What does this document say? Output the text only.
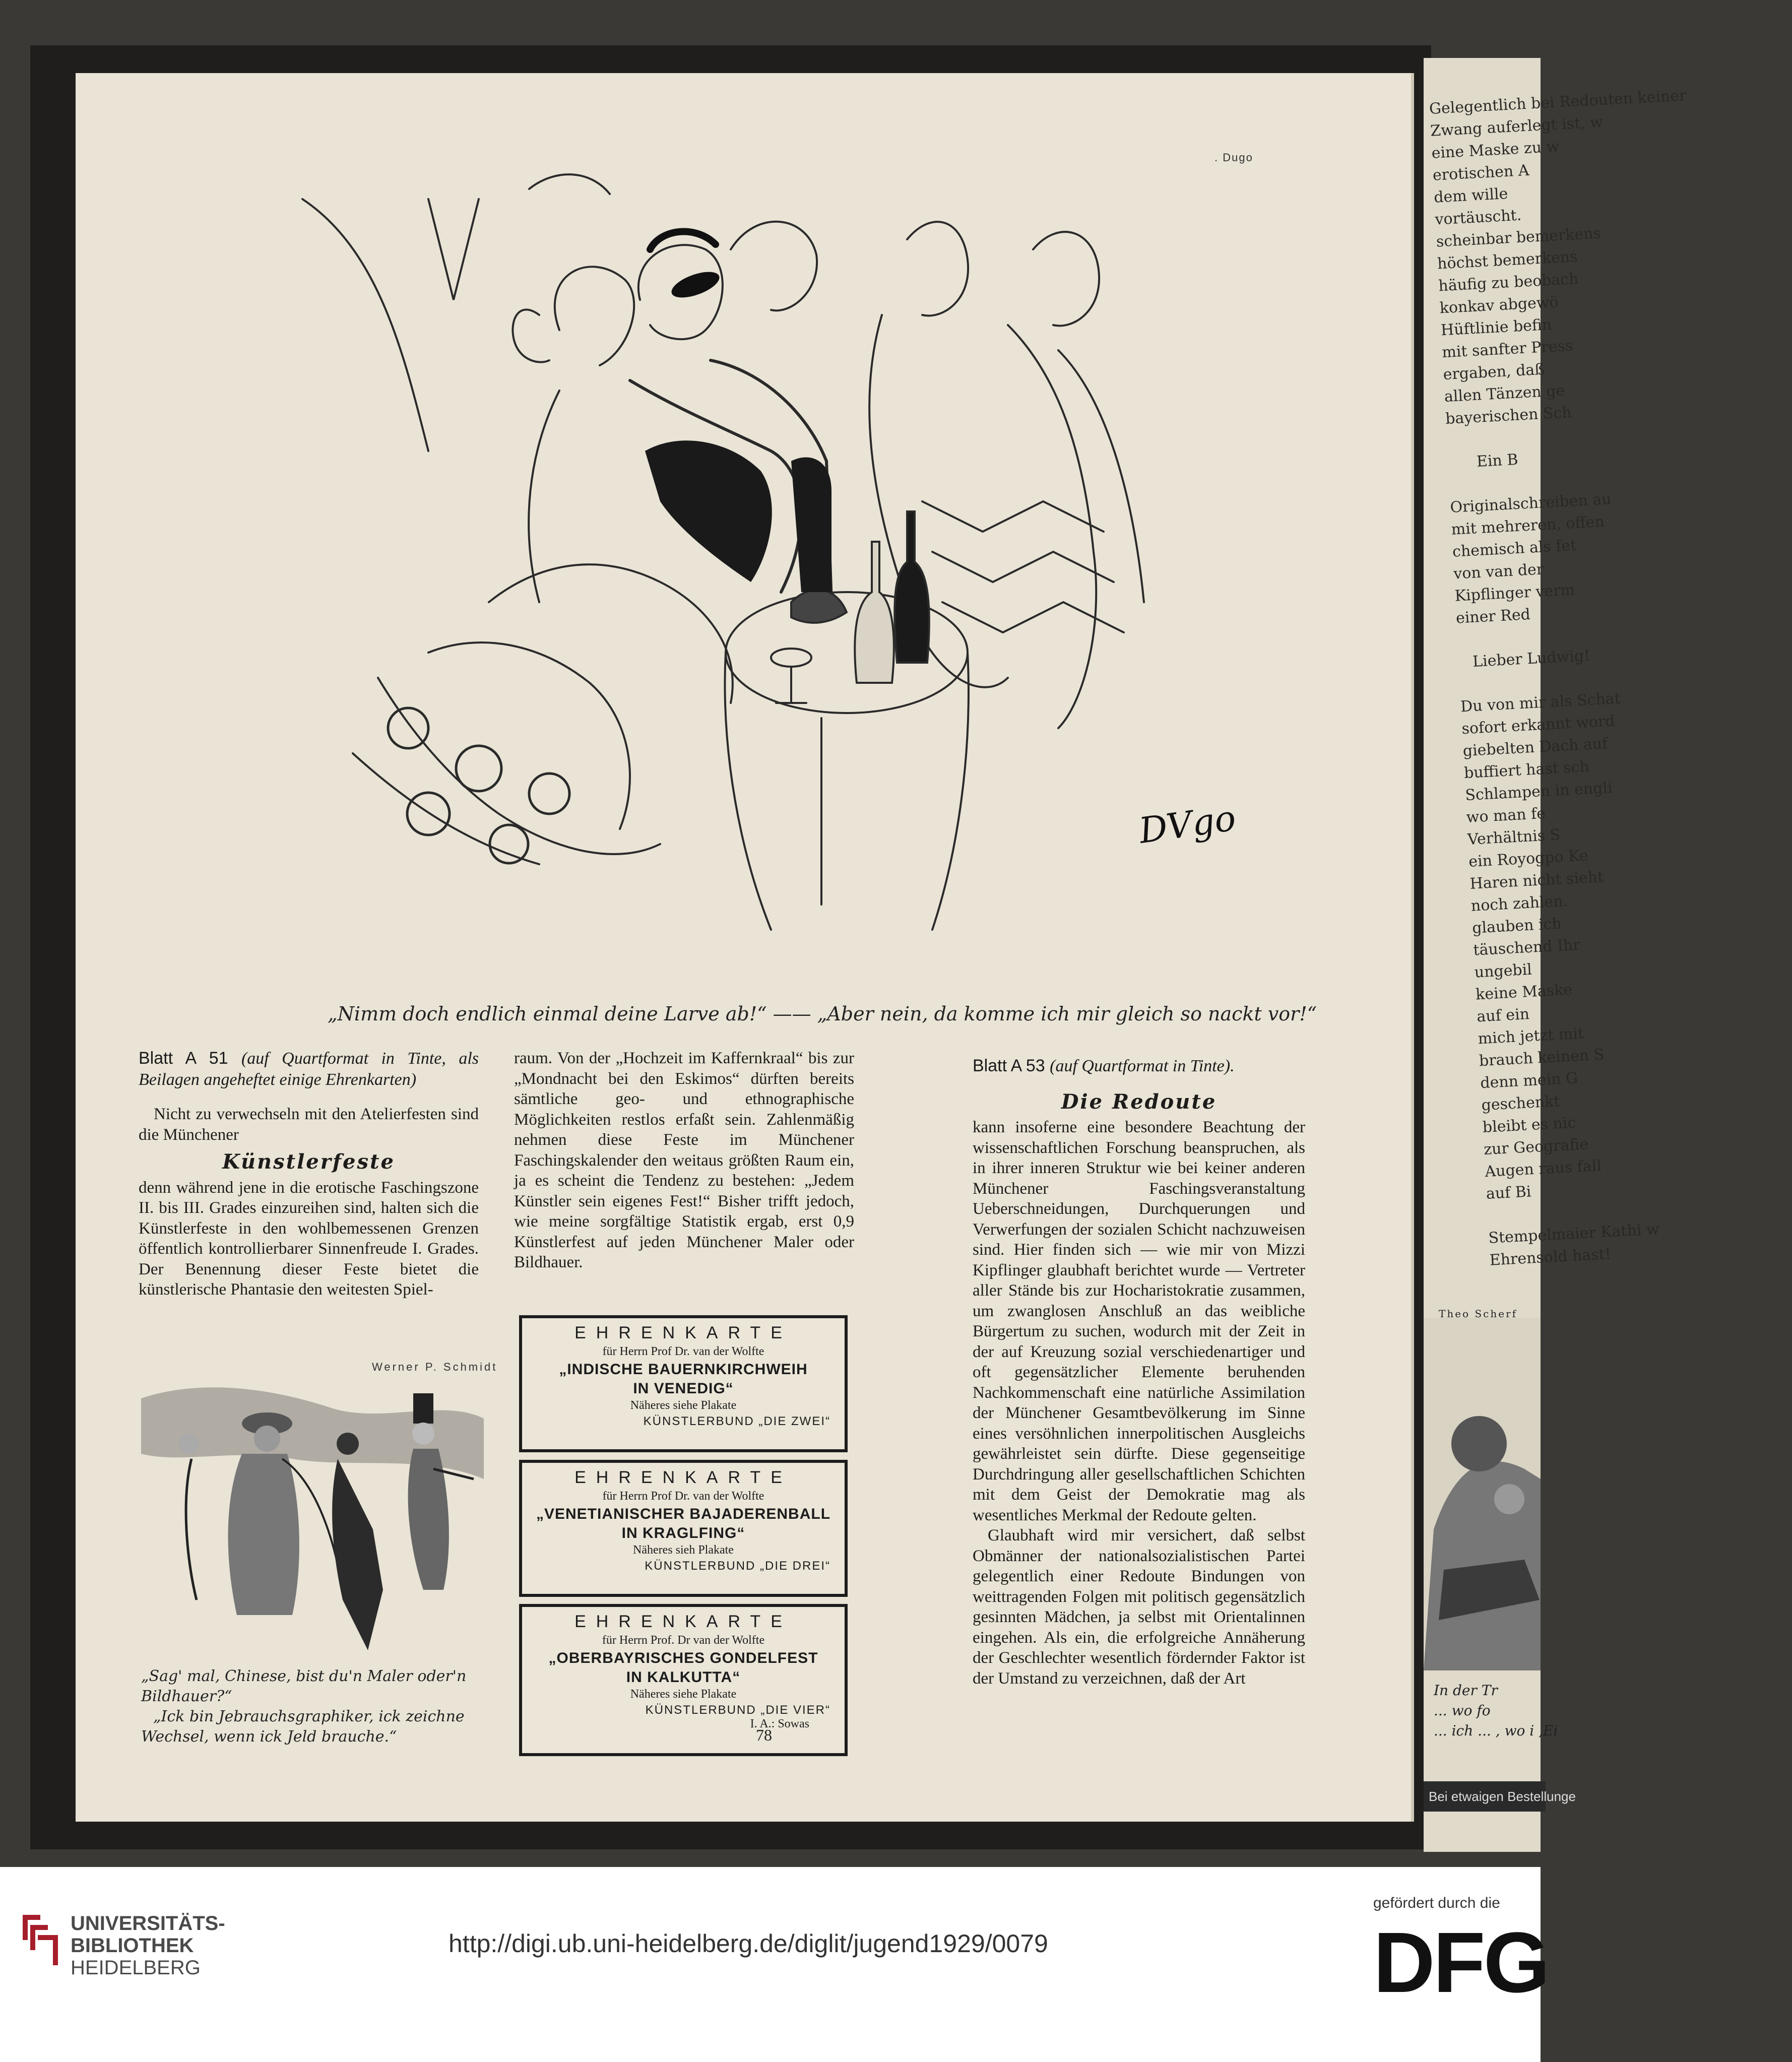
Gelegentlich bei Redouten keiner
Zwang auferlegt ist, w
eine Maske zu w
erotischen A
dem wille
vortäuscht.
scheinbar bemerkens
höchst bemerkens
häufig zu beobach
konkav abgewö
Hüftlinie befin
mit sanfter Press
ergaben, daß
allen Tänzen ge
bayerischen Sch

Ein B

Originalschreiben au
mit mehreren, offen
chemisch als fet
von van der
Kipflinger verm
einer Red

Lieber Ludwig!

Du von mir als Schat
sofort erkannt word
giebelten Dach auf
buffiert hast sch
Schlampen in engli
wo man fe
Verhältnis S
ein Royogpo Ke
Haren nicht sieht
noch zahlen.
glauben ich
täuschend Ihr
ungebil
keine Maske
auf ein
mich jetzt mit
brauch keinen S
denn mein G
geschenkt
bleibt es nic
zur Geografie
Augen raus fall
auf Bi

Stempelmaier Kathi w
Ehrensold hast!
Theo Scherf
In der Tr
... wo fo
... ich ... , wo i ,Ei
Bei etwaigen Bestellunge
. Dugo
DVgo
„Nimm doch endlich einmal deine Larve ab!“ —— „Aber nein, da komme ich mir gleich so nackt vor!“
Blatt A 51 (auf Quartformat in Tinte, als Beilagen angeheftet einige Ehrenkarten)

Nicht zu verwechseln mit den Atelierfesten sind die Münchener

Künstlerfeste

denn während jene in die erotische Faschingszone II. bis III. Grades einzureihen sind, halten sich die Künstlerfeste in den wohlbemessenen Grenzen öffentlich kontrollierbarer Sinnenfreude I. Grades. Der Benennung dieser Feste bietet die künstlerische Phantasie den weitesten Spiel-

Werner P. Schmidt
„Sag' mal, Chinese, bist du'n Maler oder'n Bildhauer?“
„Ick bin Jebrauchsgraphiker, ick zeichne Wechsel, wenn ick Jeld brauche.“

raum. Von der „Hochzeit im Kaffernkraal“ bis zur „Mondnacht bei den Eskimos“ dürften bereits sämtliche geo- und ethnographische Möglichkeiten restlos erfaßt sein. Zahlenmäßig nehmen diese Feste im Münchener Faschingskalender den weitaus größten Raum ein, ja es scheint die Tendenz zu bestehen: „Jedem Künstler sein eigenes Fest!“ Bisher trifft jedoch, wie meine sorgfältige Statistik ergab, erst 0,9 Künstlerfest auf jeden Münchener Maler oder Bildhauer.

EHRENKARTE
für Herrn Prof Dr. van der Wolfte
„INDISCHE BAUERNKIRCHWEIH
IN VENEDIG“
Näheres siehe Plakate
KÜNSTLERBUND „DIE ZWEI“
EHRENKARTE
für Herrn Prof Dr. van der Wolfte
„VENETIANISCHER BAJADERENBALL
IN KRAGLFING“
Näheres sieh Plakate
KÜNSTLERBUND „DIE DREI“
EHRENKARTE
für Herrn Prof. Dr van der Wolfte
„OBERBAYRISCHES GONDELFEST
IN KALKUTTA“
Näheres siehe Plakate
KÜNSTLERBUND „DIE VIER“
I. A.: Sowas
Blatt A 53 (auf Quartformat in Tinte).
Die Redoute

kann insoferne eine besondere Beachtung der wissenschaftlichen Forschung beanspruchen, als in ihrer inneren Struktur wie bei keiner anderen Münchener Faschingsveranstaltung Ueberschneidungen, Durchquerungen und Verwerfungen der sozialen Schicht nachzuweisen sind. Hier finden sich — wie mir von Mizzi Kipflinger glaubhaft berichtet wurde — Vertreter aller Stände bis zur Hocharistokratie zusammen, um zwanglosen Anschluß an das weibliche Bürgertum zu suchen, wodurch mit der Zeit in der auf Kreuzung sozial verschiedenartiger und oft gegensätzlicher Elemente beruhenden Nachkommenschaft eine natürliche Assimilation der Münchener Gesamtbevölkerung im Sinne eines versöhnlichen innerpolitischen Ausgleichs gewährleistet sein dürfte. Diese gegenseitige Durchdringung aller gesellschaftlichen Schichten mit dem Geist der Demokratie mag als wesentliches Merkmal der Redoute gelten.

Glaubhaft wird mir versichert, daß selbst Obmänner der nationalsozialistischen Partei gelegentlich einer Redoute Bindungen von weittragenden Folgen mit politisch gegensätzlich gesinnten Mädchen, ja selbst mit Orientalinnen eingehen. Als ein, die erfolgreiche Annäherung der Geschlechter wesentlich fördernder Faktor ist der Umstand zu verzeichnen, daß der Art

78
UNIVERSITÄTS-
BIBLIOTHEK
HEIDELBERG
http://digi.ub.uni-heidelberg.de/diglit/jugend1929/0079
gefördert durch die
DFG
